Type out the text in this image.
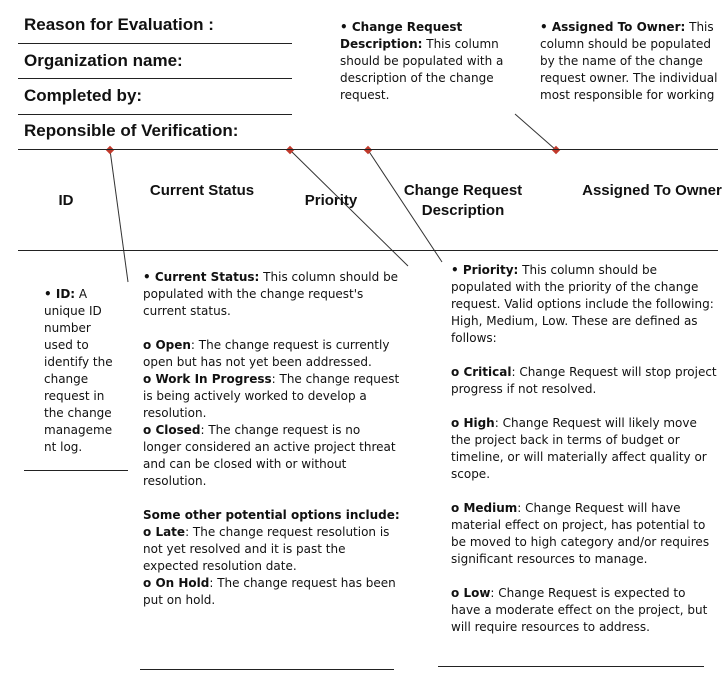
Reason for Evaluation :
Organization name:
Completed by:
Reponsible of Verification:
• Change Request Description: This column should be populated with a description of the change request.
• Assigned To Owner: This column should be populated by the name of the change request owner. The individual most responsible for working
ID
Current Status
Priority
Change Request Description
Assigned To Owner
• ID: A unique ID number used to identify the change request in the change manageme nt log.

• Current Status: This column should be populated with the change request's current status.

o Open: The change request is currently open but has not yet been addressed.

o Work In Progress: The change request is being actively worked to develop a resolution.

o Closed: The change request is no longer considered an active project threat and can be closed with or without resolution.

Some other potential options include:

o Late: The change request resolution is not yet resolved and it is past the expected resolution date.

o On Hold: The change request has been put on hold.

• Priority: This column should be populated with the priority of the change request. Valid options include the following: High, Medium, Low. These are defined as follows:

o Critical: Change Request will stop project progress if not resolved.

o High: Change Request will likely move the project back in terms of budget or timeline, or will materially affect quality or scope.

o Medium: Change Request will have material effect on project, has potential to be moved to high category and/or requires significant resources to manage.

o Low: Change Request is expected to have a moderate effect on the project, but will require resources to address.
